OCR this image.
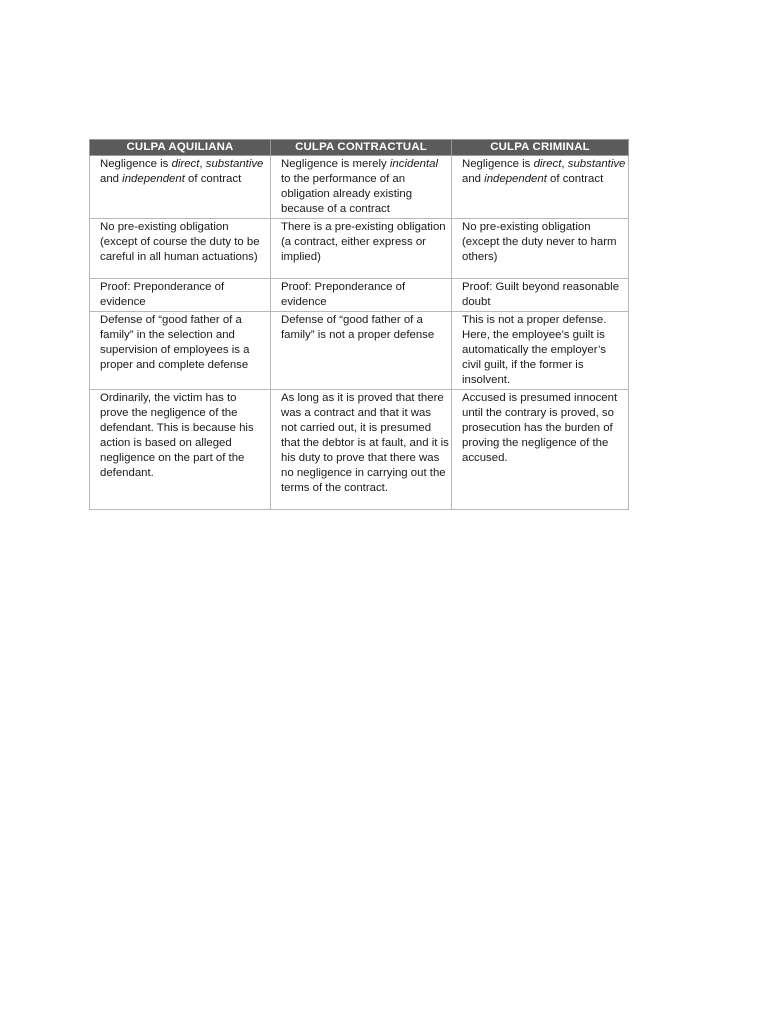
CULPA AQUILIANA	CULPA CONTRACTUAL	CULPA CRIMINAL
Negligence is direct, substantive and independent of contract	Negligence is merely incidental to the performance of an obligation already existing because of a contract	Negligence is direct, substantive and independent of contract
No pre-existing obligation (except of course the duty to be careful in all human actuations)	There is a pre-existing obligation (a contract, either express or implied)	No pre-existing obligation (except the duty never to harm others)
Proof: Preponderance of evidence	Proof: Preponderance of evidence	Proof: Guilt beyond reasonable doubt
Defense of “good father of a family” in the selection and supervision of employees is a proper and complete defense	Defense of “good father of a family” is not a proper defense	This is not a proper defense. Here, the employee’s guilt is automatically the employer’s civil guilt, if the former is insolvent.
Ordinarily, the victim has to prove the negligence of the defendant. This is because his action is based on alleged negligence on the part of the defendant.	As long as it is proved that there was a contract and that it was not carried out, it is presumed that the debtor is at fault, and it is his duty to prove that there was no negligence in carrying out the terms of the contract.	Accused is presumed innocent until the contrary is proved, so prosecution has the burden of proving the negligence of the accused.
